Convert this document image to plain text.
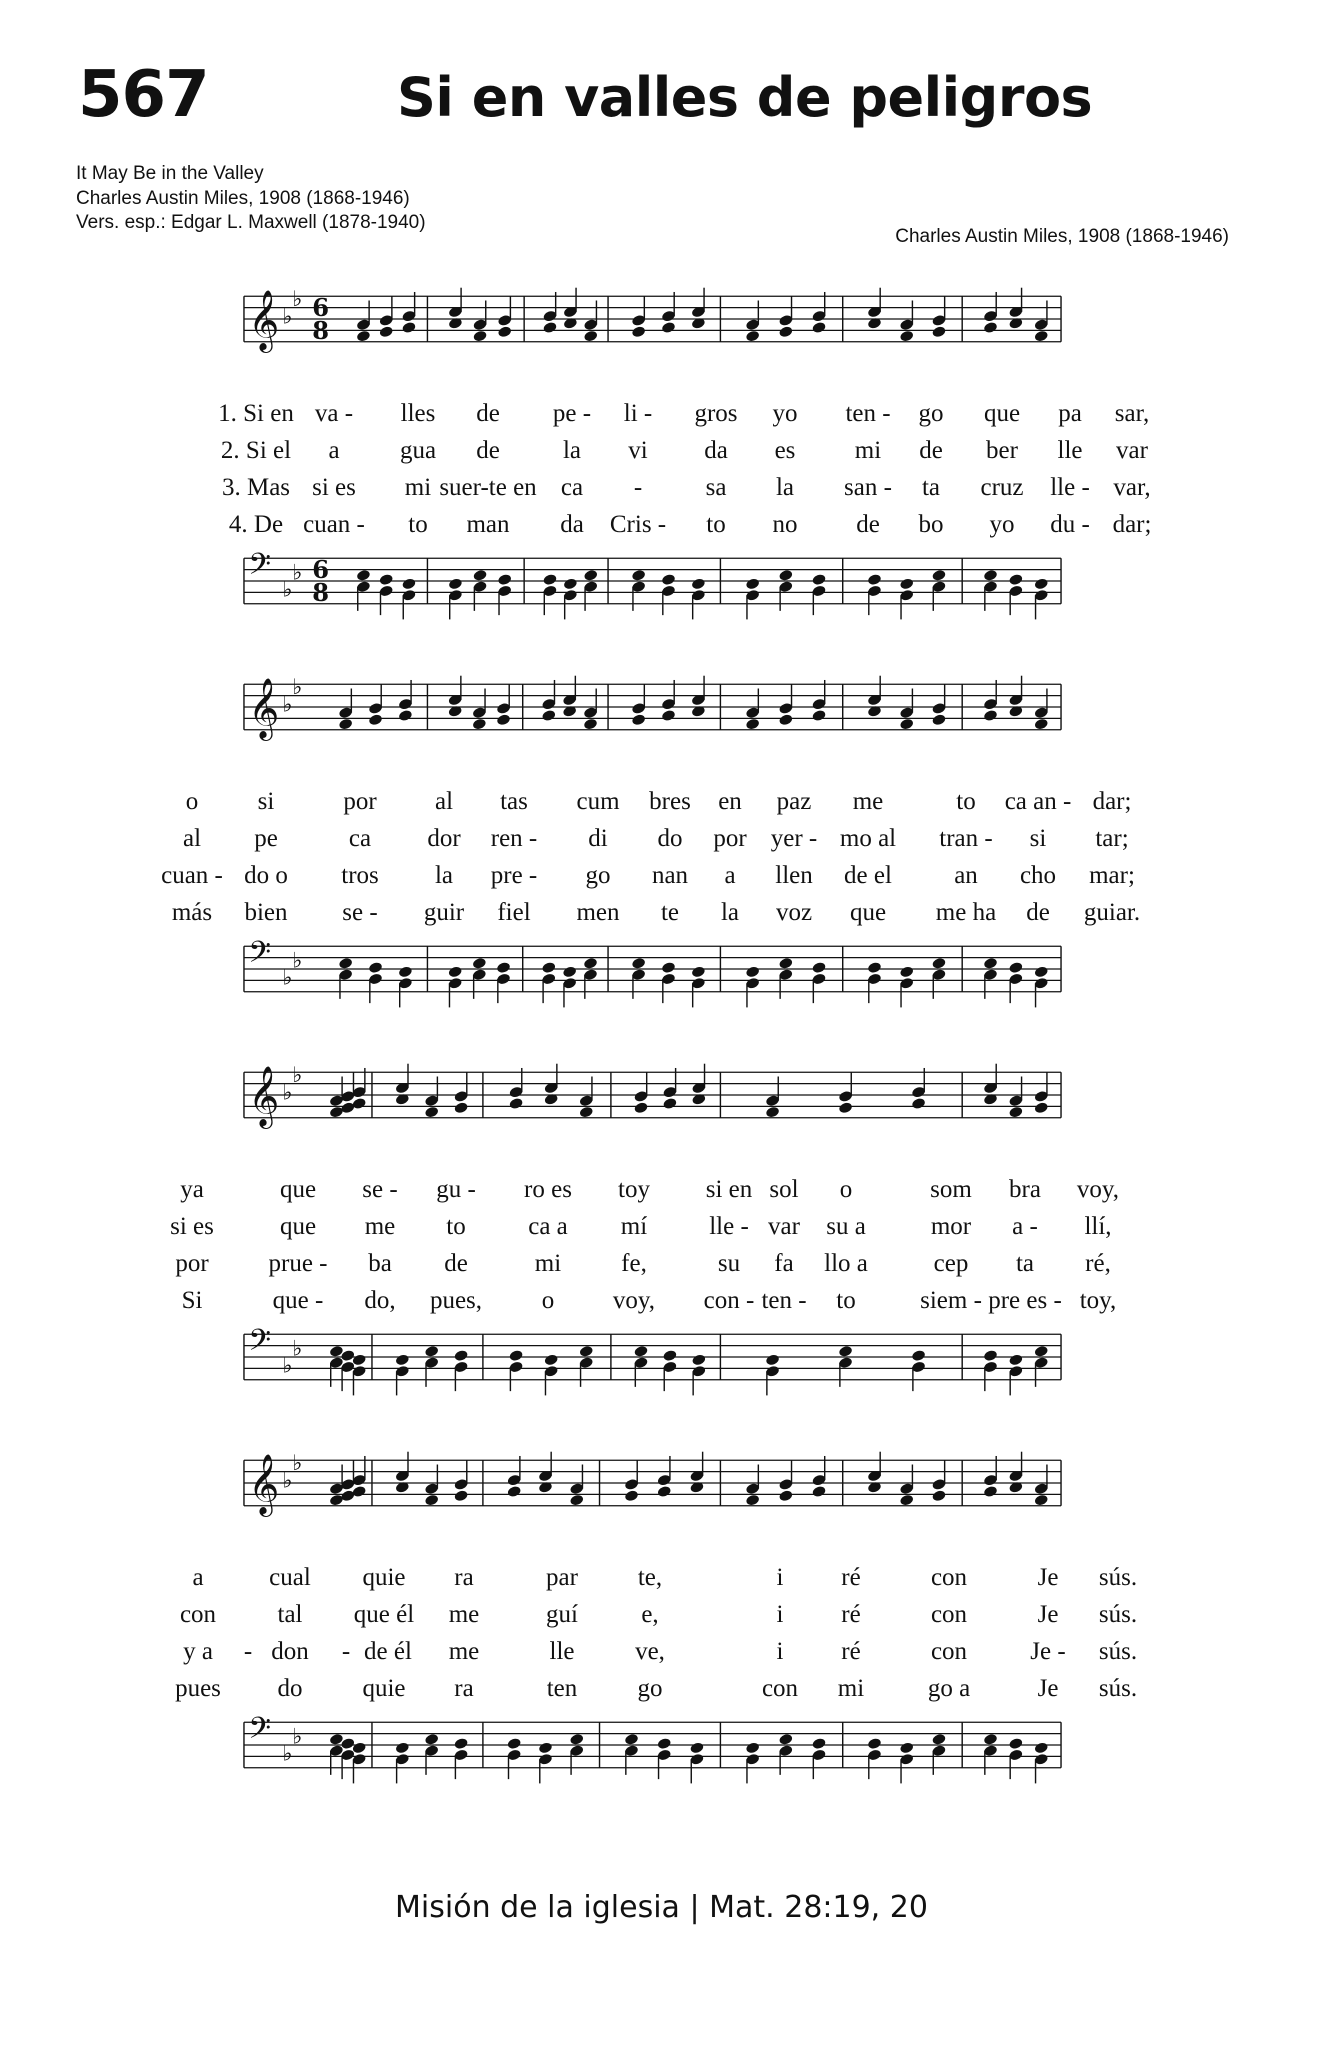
567	Si en valles de peligros
It May Be in the Valley
Charles Austin Miles, 1908 (1868-1946)
Vers. esp.: Edgar L. Maxwell (1878-1940)
Charles Austin Miles, 1908 (1868-1946)
𝄞 ♭
♭ 6
8
𝄢
♭
♭ 6
8
𝄞 ♭
♭
𝄢
♭
♭
𝄞 ♭
♭
𝄢
♭
♭
𝄞 ♭
♭
𝄢
♭
♭
Misión de la iglesia | Mat. 28:19, 20
1. Si en va - lles de pe - li - gros yo ten - go que pa sar,
2. Si el a gua de	la vi da es mi de ber lle var
3. Mas si es mi suer-te en ca -	sa la san - ta cruz lle - var,
4. De cuan - to man da Cris - to no de bo yo du - dar;
o si	por al tas cum bres en paz me	to ca an - dar;
al pe	ca dor ren - di do por yer - mo al tran - si tar;
cuan - do o tros la pre - go nan a llen de el an cho mar;
más bien se - guir fiel men te la voz que me ha de guiar.
ya	que se - gu - ro es toy si en sol o	som bra voy,
si es	que me to	ca a mí lle - var su a	mor a - llí,
por prue - ba de	mi fe,	su fa llo a	cep ta ré,
Si	que - do, pues, o voy, con - ten - to	siem - pre es - toy,
a	cual quie ra	par te,	i ré	con	Je sús.
con tal que él me	guí	e,	i ré	con	Je sús.
y a - don - de él me	lle ve,	i ré	con	Je - sús.
pues do quie ra	ten go	con mi	go a	Je sús.
